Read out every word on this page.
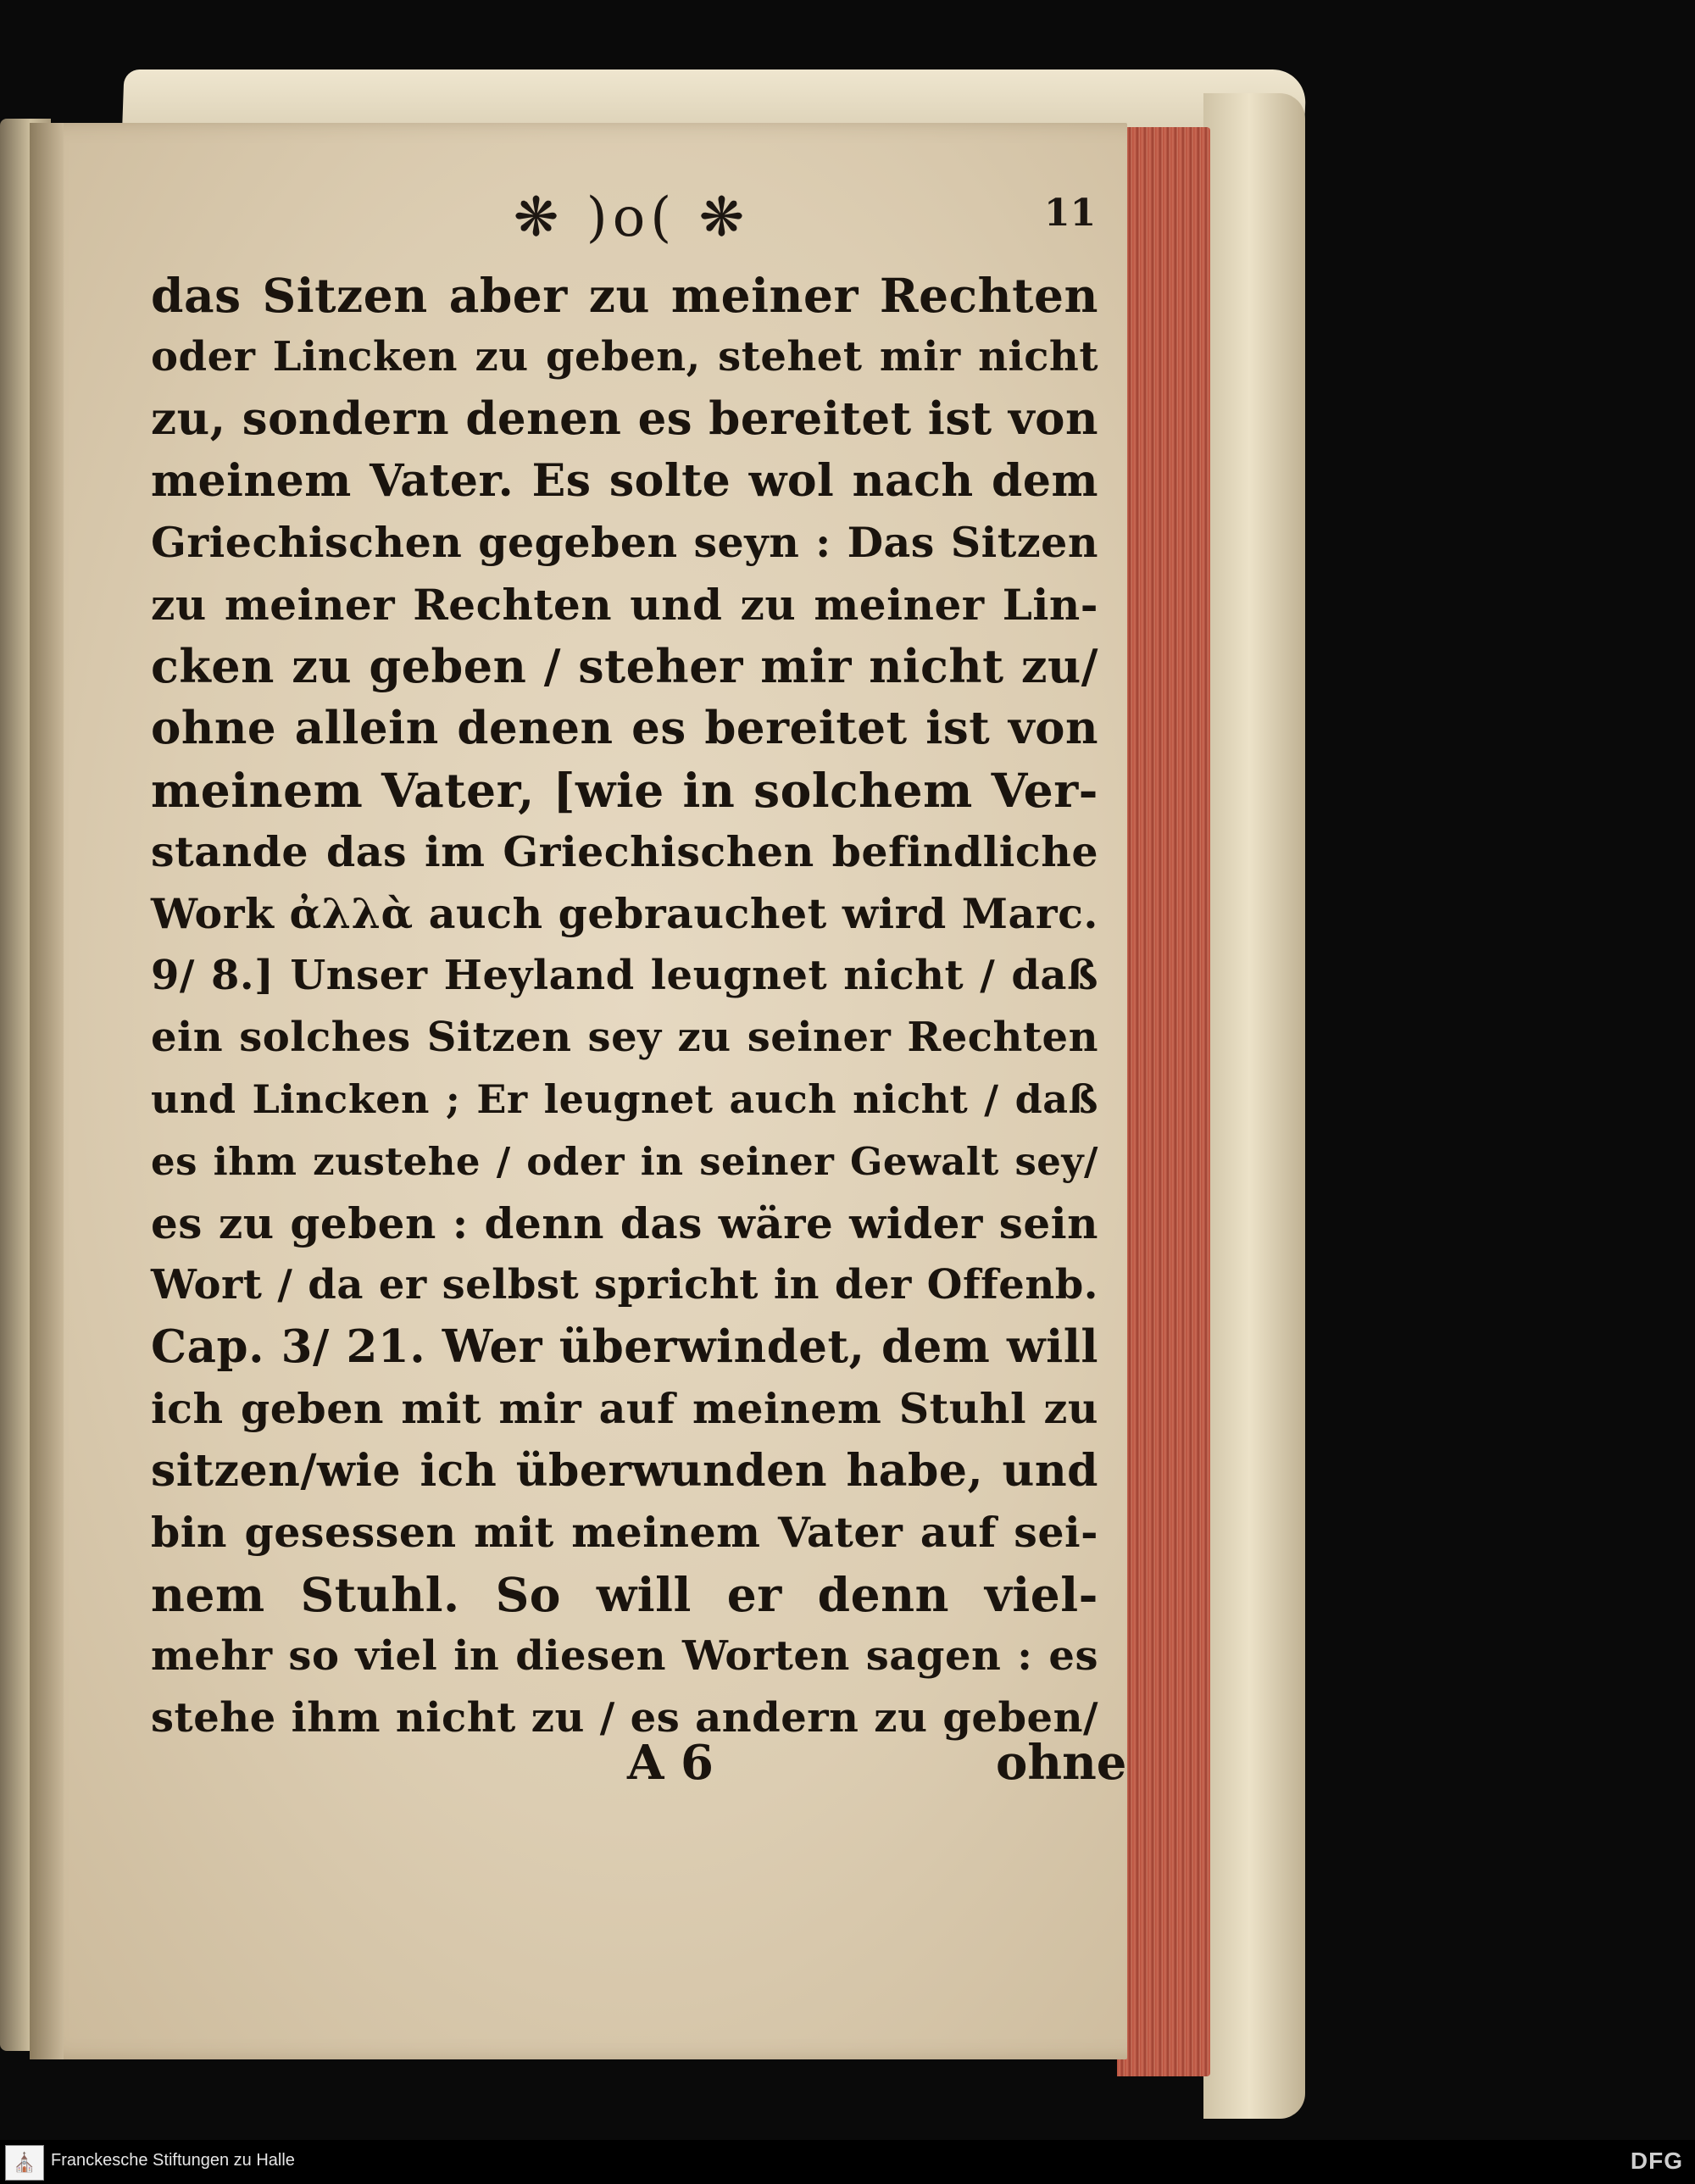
❋ )o( ❋	11
das Sitzen aber zu meiner Rechten
oder Lincken zu geben, stehet mir nicht
zu, sondern denen es bereitet ist von
meinem Vater. Es solte wol nach dem
Griechischen gegeben seyn : Das Sitzen
zu meiner Rechten und zu meiner Lin-
cken zu geben / steher mir nicht zu/
ohne allein denen es bereitet ist von
meinem Vater, [wie in solchem Ver-
stande das im Griechischen befindliche
Work ἀλλὰ auch gebrauchet wird Marc.
9/ 8.] Unser Heyland leugnet nicht / daß
ein solches Sitzen sey zu seiner Rechten
und Lincken ; Er leugnet auch nicht / daß
es ihm zustehe / oder in seiner Gewalt sey/
es zu geben : denn das wäre wider sein
Wort / da er selbst spricht in der Offenb.
Cap. 3/ 21. Wer überwindet, dem will
ich geben mit mir auf meinem Stuhl zu
sitzen/wie ich überwunden habe, und
bin gesessen mit meinem Vater auf sei-
nem Stuhl. So will er denn viel-
mehr so viel in diesen Worten sagen : es
stehe ihm nicht zu / es andern zu geben/
A 6	ohne
⛪ Franckesche Stiftungen zu Halle	DFG
